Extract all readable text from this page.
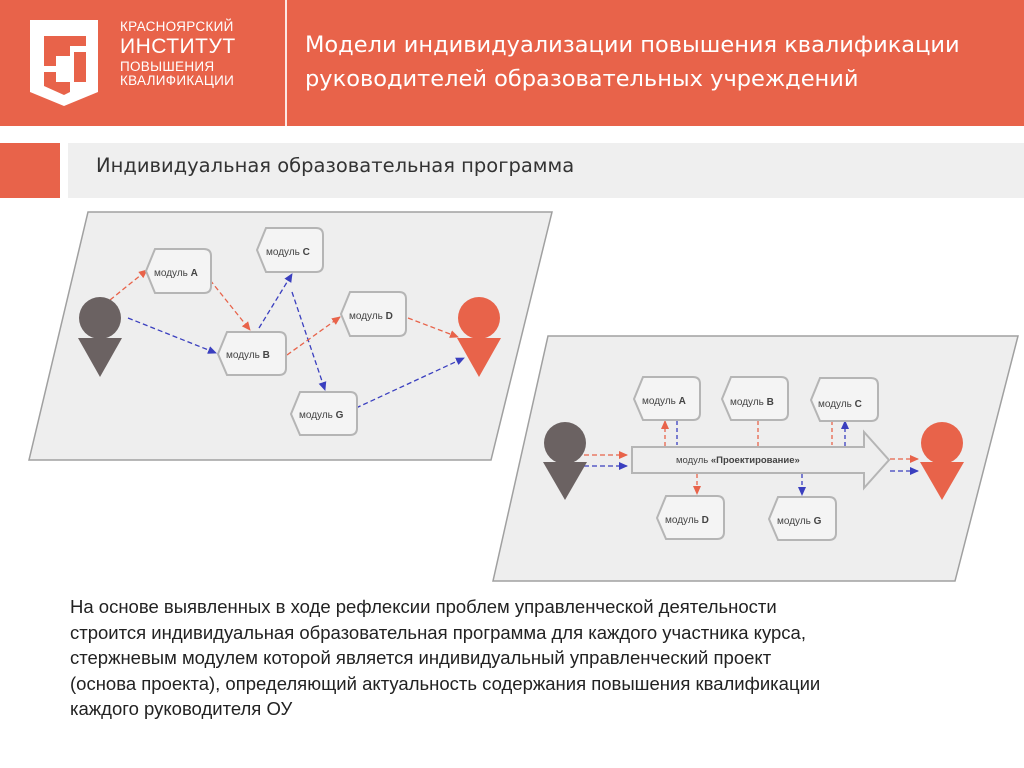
КРАСНОЯРСКИЙ
ИНСТИТУТ
ПОВЫШЕНИЯ
КВАЛИФИКАЦИИ
Модели индивидуализации повышения квалификации
руководителей образовательных учреждений
Индивидуальная образовательная программа
модуль A
модуль C
модуль B
модуль D
модуль G
модуль «Проектирование»
модуль A	модуль B	модуль C
модуль D	модуль G
На основе выявленных в ходе рефлексии проблем управленческой деятельности
строится индивидуальная образовательная программа для каждого участника курса,
стержневым модулем которой является индивидуальный управленческий проект
(основа проекта), определяющий актуальность содержания повышения квалификации
каждого руководителя ОУ
